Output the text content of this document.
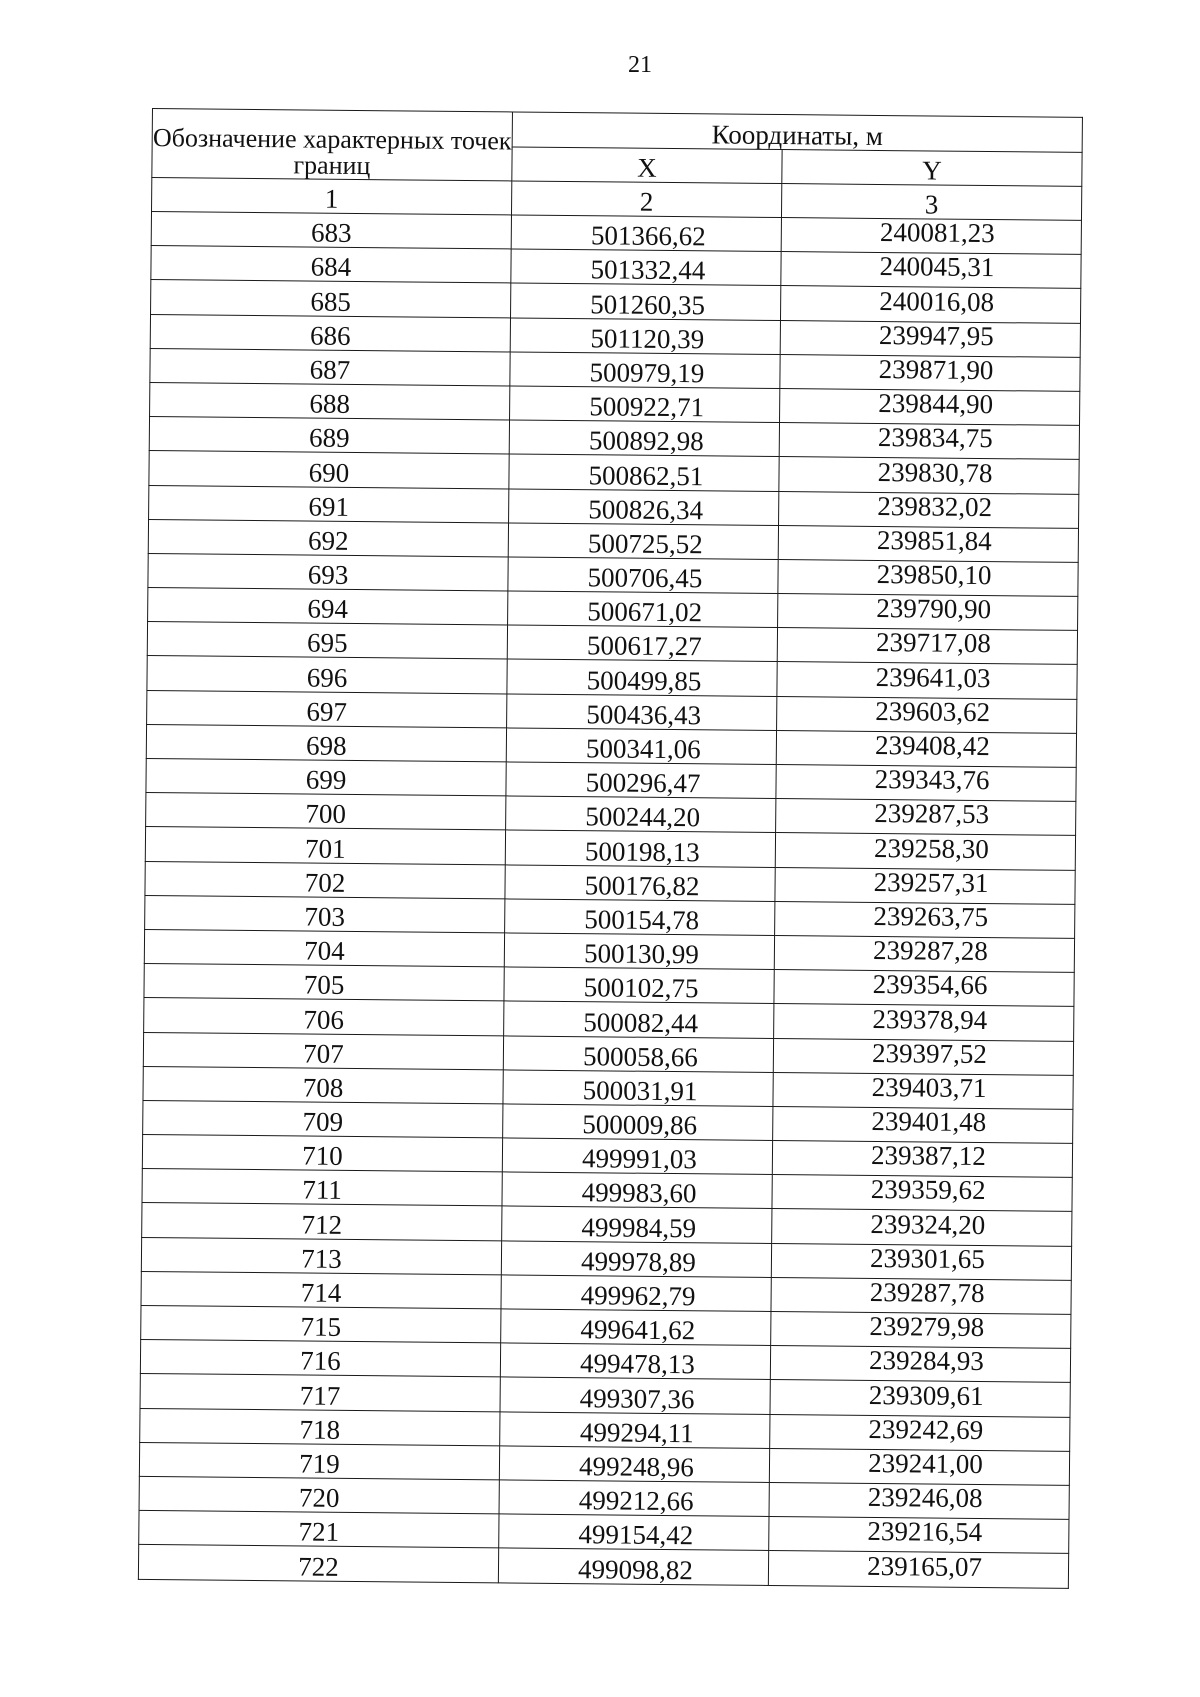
21
Обозначение характерных точек границ	Координаты, м	
	X	Y
1	2	3
683	501366,62	240081,23
684	501332,44	240045,31
685	501260,35	240016,08
686	501120,39	239947,95
687	500979,19	239871,90
688	500922,71	239844,90
689	500892,98	239834,75
690	500862,51	239830,78
691	500826,34	239832,02
692	500725,52	239851,84
693	500706,45	239850,10
694	500671,02	239790,90
695	500617,27	239717,08
696	500499,85	239641,03
697	500436,43	239603,62
698	500341,06	239408,42
699	500296,47	239343,76
700	500244,20	239287,53
701	500198,13	239258,30
702	500176,82	239257,31
703	500154,78	239263,75
704	500130,99	239287,28
705	500102,75	239354,66
706	500082,44	239378,94
707	500058,66	239397,52
708	500031,91	239403,71
709	500009,86	239401,48
710	499991,03	239387,12
711	499983,60	239359,62
712	499984,59	239324,20
713	499978,89	239301,65
714	499962,79	239287,78
715	499641,62	239279,98
716	499478,13	239284,93
717	499307,36	239309,61
718	499294,11	239242,69
719	499248,96	239241,00
720	499212,66	239246,08
721	499154,42	239216,54
722	499098,82	239165,07
